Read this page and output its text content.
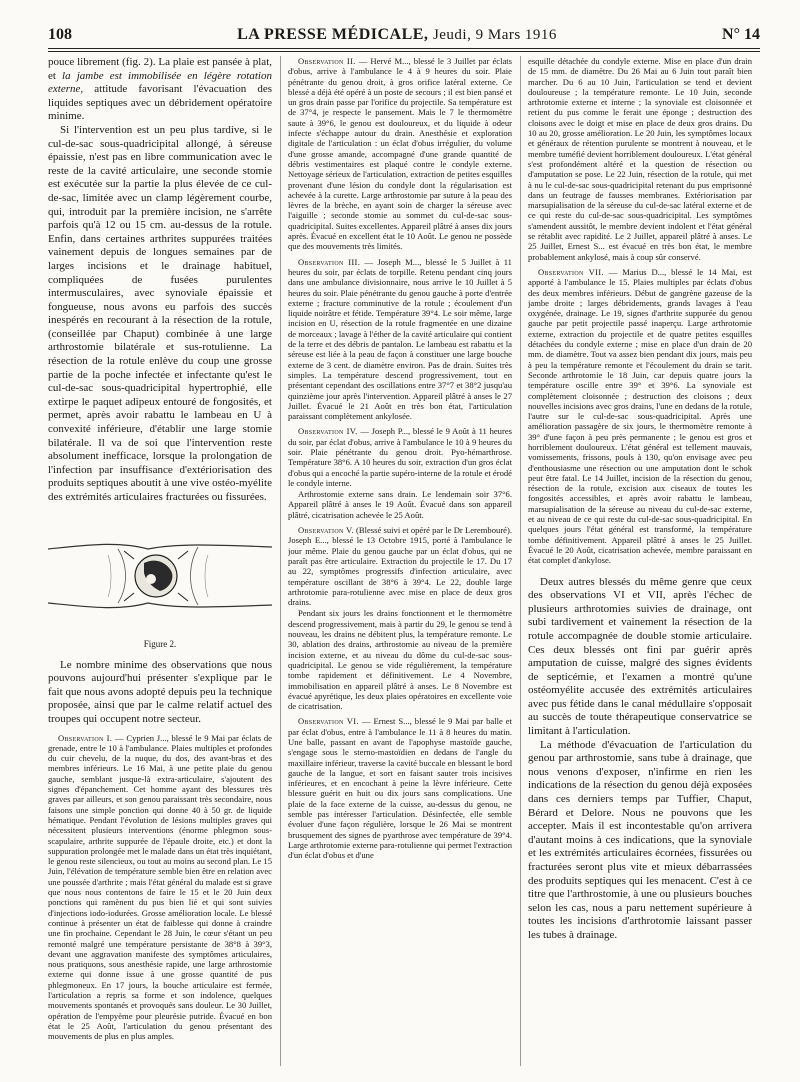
108	LA PRESSE MÉDICALE, Jeudi, 9 Mars 1916	N° 14

pouce librement (fig. 2). La plaie est pansée à plat, et la jambe est immobilisée en légère rotation externe, attitude favorisant l'évacuation des liquides septiques avec un débridement opératoire minime.

Si l'intervention est un peu plus tardive, si le cul-de-sac sous-quadricipital allongé, à séreuse épaissie, n'est pas en libre communication avec le reste de la cavité articulaire, une seconde stomie est exécutée sur la partie la plus élevée de ce cul-de-sac, limitée avec un clamp légèrement courbe, qui, introduit par la première incision, ne s'arrête parfois qu'à 12 ou 15 cm. au-dessus de la rotule. Enfin, dans certaines arthrites suppurées traitées vainement depuis de longues semaines par de larges incisions et le drainage habituel, compliquées de fusées purulentes intermusculaires, avec synoviale épaissie et fongueuse, nous avons eu parfois des succès inespérés en recourant à la résection de la rotule, (conseillée par Chaput) combinée à une large arthrostomie bilatérale et sus-rotulienne. La résection de la rotule enlève du coup une grosse partie de la poche infectée et infectante qu'est le cul-de-sac sous-quadricipital hypertrophié, elle extirpe le paquet adipeux entouré de fongosités, et permet, après avoir rabattu le lambeau en U à convexité inférieure, d'établir une large stomie bilatérale. Il va de soi que l'intervention reste absolument inefficace, lorsque la prolongation de l'infection par insuffisance d'extériorisation des produits septiques aboutit à une vive ostéo-myélite des extrémités articulaires fracturées ou fissurées.

Figure 2.

Le nombre minime des observations que nous pouvons aujourd'hui présenter s'explique par le fait que nous avons adopté depuis peu la technique proposée, ainsi que par le calme relatif actuel des troupes qui occupent notre secteur.

Observation I. — Cyprien J..., blessé le 9 Mai par éclats de grenade, entre le 10 à l'ambulance. Plaies multiples et profondes du cuir chevelu, de la nuque, du dos, des avant-bras et des membres inférieurs. Le 16 Mai, à une petite plaie du genou gauche, semblant jusque-là extra-articulaire, s'ajoutent des signes d'épanchement. Cet homme ayant des blessures très graves par ailleurs, et son genou paraissant très secondaire, nous faisons une simple ponction qui donne 40 à 50 gr. de liquide hématique. Pendant l'évolution de lésions multiples graves qui nécessitent plusieurs interventions (énorme phlegmon sous-scapulaire, arthrite suppurée de l'épaule droite, etc.) et dont la suppuration prolongée met le malade dans un état très inquiétant, le genou reste silencieux, ou tout au moins au second plan. Le 15 Juin, l'élévation de température semble bien être en relation avec une poussée d'arthrite ; mais l'état général du malade est si grave que nous nous contentons de faire le 15 et le 20 Juin deux ponctions qui ramènent du pus bien lié et qui sont suivies d'injections iodo-iodurées. Grosse amélioration locale. Le blessé continue à présenter un état de faiblesse qui donne à craindre une fin prochaine. Cependant le 28 Juin, le cœur s'étant un peu remonté malgré une température persistante de 38°8 à 39°3, devant une aggravation manifeste des symptômes articulaires, nous pratiquons, sous anesthésie rapide, une large arthrostomie externe qui donne issue à une grosse quantité de pus phlegmoneux. En 17 jours, la bouche articulaire est fermée, l'articulation a repris sa forme et son indolence, quelques mouvements spontanés et provoqués sans douleur. Le 30 Juillet, opération de l'empyème pour pleurésie putride. Évacué en bon état le 25 Août, l'articulation du genou présentant des mouvements de plus en plus amples.

Observation II. — Hervé M..., blessé le 3 Juillet par éclats d'obus, arrive à l'ambulance le 4 à 9 heures du soir. Plaie pénétrante du genou droit, à gros orifice latéral externe. Ce blessé a déjà été opéré à un poste de secours ; il est bien pansé et un gros drain passe par l'orifice du projectile. Sa température est de 37°4, je respecte le pansement. Mais le 7 le thermomètre saute à 39°6, le genou est douloureux, et du liquide à odeur infecte s'échappe autour du drain. Anesthésie et exploration digitale de l'articulation : un éclat d'obus irrégulier, du volume d'une grosse amande, accompagné d'une grande quantité de débris vestimentaires est plaqué contre le condyle externe. Nettoyage sérieux de l'articulation, extraction de petites esquilles provenant d'une lésion du condyle dont la régularisation est achevée à la curette. Large arthrostomie par suture à la peau des lèvres de la brèche, en ayant soin de charger la séreuse avec l'aiguille ; seconde stomie au sommet du cul-de-sac sous-quadricipital. Suites excellentes. Appareil plâtré à anses dix jours après. Évacué en excellent état le 10 Août. Le genou ne possède que des mouvements très limités.

Observation III. — Joseph M..., blessé le 5 Juillet à 11 heures du soir, par éclats de torpille. Retenu pendant cinq jours dans une ambulance divisionnaire, nous arrive le 10 Juillet à 5 heures du soir. Plaie pénétrante du genou gauche à porte d'entrée externe ; fracture comminutive de la rotule ; écoulement d'un liquide noirâtre et fétide. Température 39°4. Le soir même, large incision en U, résection de la rotule fragmentée en une dizaine de morceaux ; lavage à l'éther de la cavité articulaire qui contient de la terre et des débris de pantalon. Le lambeau est rabattu et la séreuse est liée à la peau de façon à constituer une large bouche externe de 3 cent. de diamètre environ. Pas de drain. Suites très simples. La température descend progressivement, tout en présentant cependant des oscillations entre 37°7 et 38°2 jusqu'au quinzième jour après l'intervention. Appareil plâtré à anses le 27 Juillet. Évacué le 21 Août en très bon état, l'articulation paraissant complètement ankylosée.

Observation IV. — Joseph P..., blessé le 9 Août à 11 heures du soir, par éclat d'obus, arrive à l'ambulance le 10 à 9 heures du soir. Plaie pénétrante du genou droit. Pyo-hémarthrose. Température 38°6. A 10 heures du soir, extraction d'un gros éclat d'obus qui a encoché la partie supéro-interne de la rotule et érodé le condyle interne.

Arthrostomie externe sans drain. Le lendemain soir 37°6. Appareil plâtré à anses le 19 Août. Évacué dans son appareil plâtré, cicatrisation achevée le 25 Août.

Observation V. (Blessé suivi et opéré par le Dr Lerembouré). Joseph E..., blessé le 13 Octobre 1915, porté à l'ambulance le jour même. Plaie du genou gauche par un éclat d'obus, qui ne paraît pas être articulaire. Extraction du projectile le 17. Du 17 au 22, symptômes progressifs d'infection articulaire, avec température oscillant de 38°6 à 39°4. Le 22, double large arthrotomie para-rotulienne avec mise en place de deux gros drains.

Pendant six jours les drains fonctionnent et le thermomètre descend progressivement, mais à partir du 29, le genou se tend à nouveau, les drains ne débitent plus, la température remonte. Le 30, ablation des drains, arthrostomie au niveau de la première incision externe, et au niveau du dôme du cul-de-sac sous-quadricipital. Le genou se vide régulièrement, la température tombe rapidement et définitivement. Le 4 Novembre, immobilisation en appareil plâtré à anses. Le 8 Novembre est évacué apyrétique, les deux plaies opératoires en excellente voie de cicatrisation.

Observation VI. — Ernest S..., blessé le 9 Mai par balle et par éclat d'obus, entre à l'ambulance le 11 à 8 heures du matin. Une balle, passant en avant de l'apophyse mastoïde gauche, s'engage sous le sterno-mastoïdien en dedans de l'angle du maxillaire inférieur, traverse la cavité buccale en blessant le bord gauche de la langue, et sort en faisant sauter trois incisives inférieures, et en encochant à peine la lèvre inférieure. Cette blessure guérit en huit ou dix jours sans complications. Une plaie de la face externe de la cuisse, au-dessus du genou, ne semble pas intéresser l'articulation. Désinfectée, elle semble évoluer d'une façon régulière, lorsque le 26 Mai se montrent brusquement des signes de pyarthrose avec température de 39°4. Large arthrotomie externe para-rotulienne qui permet l'extraction d'un éclat d'obus et d'une

esquille détachée du condyle externe. Mise en place d'un drain de 15 mm. de diamètre. Du 26 Mai au 6 Juin tout paraît bien marcher. Du 6 au 10 Juin, l'articulation se tend et devient douloureuse ; la température remonte. Le 10 Juin, seconde arthrotomie externe et interne ; la synoviale est cloisonnée et retient du pus comme le ferait une éponge ; destruction des cloisons avec le doigt et mise en place de deux gros drains. Du 10 au 20, grosse amélioration. Le 20 Juin, les symptômes locaux et généraux de rétention purulente se montrent à nouveau, et le membre tuméfié devient horriblement douloureux. L'état général s'est profondément altéré et la question de résection ou d'amputation se pose. Le 22 Juin, résection de la rotule, qui met à nu le cul-de-sac sous-quadricipital retenant du pus emprisonné dans un feutrage de fausses membranes. Extériorisation par marsupialisation de la séreuse du cul-de-sac latéral externe et de ce qui reste du cul-de-sac sous-quadricipital. Les symptômes s'amendent aussitôt, le membre devient indolent et l'état général se rétablit avec rapidité. Le 2 Juillet, appareil plâtré à anses. Le 25 Juillet, Ernest S... est évacué en très bon état, le membre probablement ankylosé, mais à coup sûr conservé.

Observation VII. — Marius D..., blessé le 14 Mai, est apporté à l'ambulance le 15. Plaies multiples par éclats d'obus des deux membres inférieurs. Début de gangrène gazeuse de la jambe droite ; larges débridements, grands lavages à l'eau oxygénée, drainage. Le 19, signes d'arthrite suppurée du genou gauche par petit projectile passé inaperçu. Large arthrotomie externe, extraction du projectile et de quatre petites esquilles détachées du condyle externe ; mise en place d'un drain de 20 mm. de diamètre. Tout va assez bien pendant dix jours, mais peu à peu la température remonte et l'écoulement du drain se tarit. Seconde arthrotomie le 18 Juin, car depuis quatre jours la température oscille entre 39° et 39°6. La synoviale est complètement cloisonnée ; destruction des cloisons ; deux nouvelles incisions avec gros drains, l'une en dedans de la rotule, l'autre sur le cul-de-sac sous-quadricipital. Après une amélioration passagère de six jours, le thermomètre remonte à 39° d'une façon à peu près permanente ; le genou est gros et horriblement douloureux. L'état général est tellement mauvais, vomissements, frissons, pouls à 130, qu'on envisage avec peu d'enthousiasme une résection ou une amputation dont le schok peut être fatal. Le 14 Juillet, incision de la résection du genou, résection de la rotule, excision aux ciseaux de toutes les fongosités accessibles, et après avoir rabattu le lambeau, marsupialisation de la séreuse au niveau du cul-de-sac externe, et au niveau de ce qui reste du cul-de-sac sous-quadricipital. En quelques jours l'état général est transformé, la température tombe définitivement. Appareil plâtré à anses le 25 Juillet. Évacué le 20 Août, cicatrisation achevée, membre paraissant en état complet d'ankylose.

Deux autres blessés du même genre que ceux des observations VI et VII, après l'échec de plusieurs arthrotomies suivies de drainage, ont subi tardivement et vainement la résection de la rotule accompagnée de double stomie articulaire. Ces deux blessés ont fini par guérir après amputation de cuisse, malgré des signes évidents de septicémie, et l'examen a montré qu'une ostéomyélite accusée des extrémités articulaires avec pus fétide dans le canal médullaire s'opposait au succès de toute thérapeutique conservatrice se limitant à l'articulation.

La méthode d'évacuation de l'articulation du genou par arthrostomie, sans tube à drainage, que nous venons d'exposer, n'infirme en rien les indications de la résection du genou déjà exposées dans ces derniers temps par Tuffier, Chaput, Bérard et Delore. Nous ne pouvons que les accepter. Mais il est incontestable qu'on arrivera d'autant moins à ces indications, que la synoviale et les extrémités articulaires écornées, fissurées ou fracturées seront plus vite et mieux débarrassées des produits septiques qui les menacent. C'est à ce titre que l'arthrostomie, à une ou plusieurs bouches selon les cas, nous a paru nettement supérieure à toutes les incisions d'arthrotomie laissant passer les tubes à drainage.
